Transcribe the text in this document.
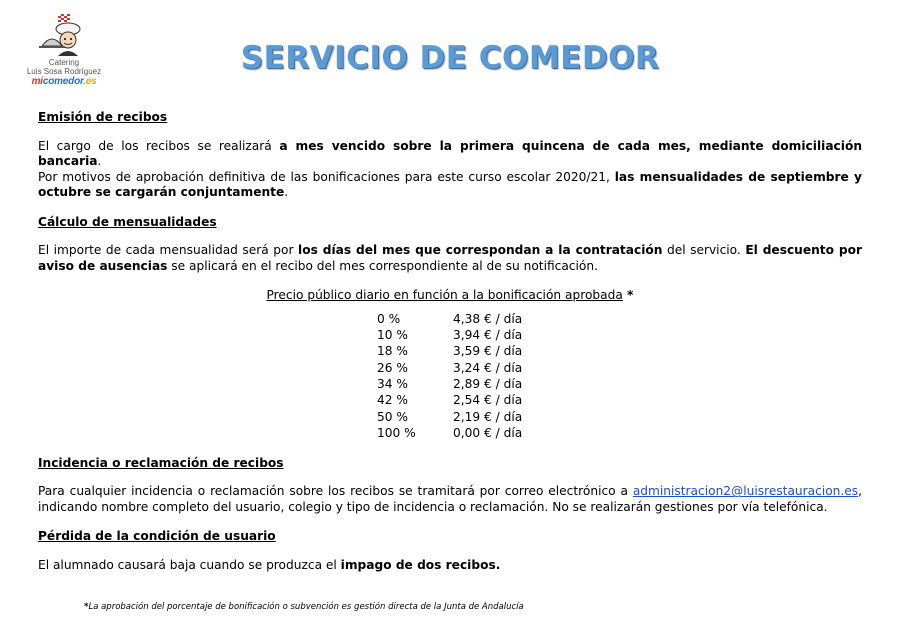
Catering
Luis Sosa Rodríguez
micomedor.es
SERVICIO DE COMEDOR

Emisión de recibos

El cargo de los recibos se realizará a mes vencido sobre la primera quincena de cada mes, mediante domiciliación bancaria.
Por motivos de aprobación definitiva de las bonificaciones para este curso escolar 2020/21, las mensualidades de septiembre y octubre se cargarán conjuntamente.

Cálculo de mensualidades

El importe de cada mensualidad será por los días del mes que correspondan a la contratación del servicio. El descuento por aviso de ausencias se aplicará en el recibo del mes correspondiente al de su notificación.

Precio público diario en función a la bonificación aprobada *
0 %	4,38 € / día
10 %	3,94 € / día
18 %	3,59 € / día
26 %	3,24 € / día
34 %	2,89 € / día
42 %	2,54 € / día
50 %	2,19 € / día
100 %	0,00 € / día

Incidencia o reclamación de recibos

Para cualquier incidencia o reclamación sobre los recibos se tramitará por correo electrónico a administracion2@luisrestauracion.es, indicando nombre completo del usuario, colegio y tipo de incidencia o reclamación. No se realizarán gestiones por vía telefónica.

Pérdida de la condición de usuario

El alumnado causará baja cuando se produzca el impago de dos recibos.

*La aprobación del porcentaje de bonificación o subvención es gestión directa de la Junta de Andalucía
